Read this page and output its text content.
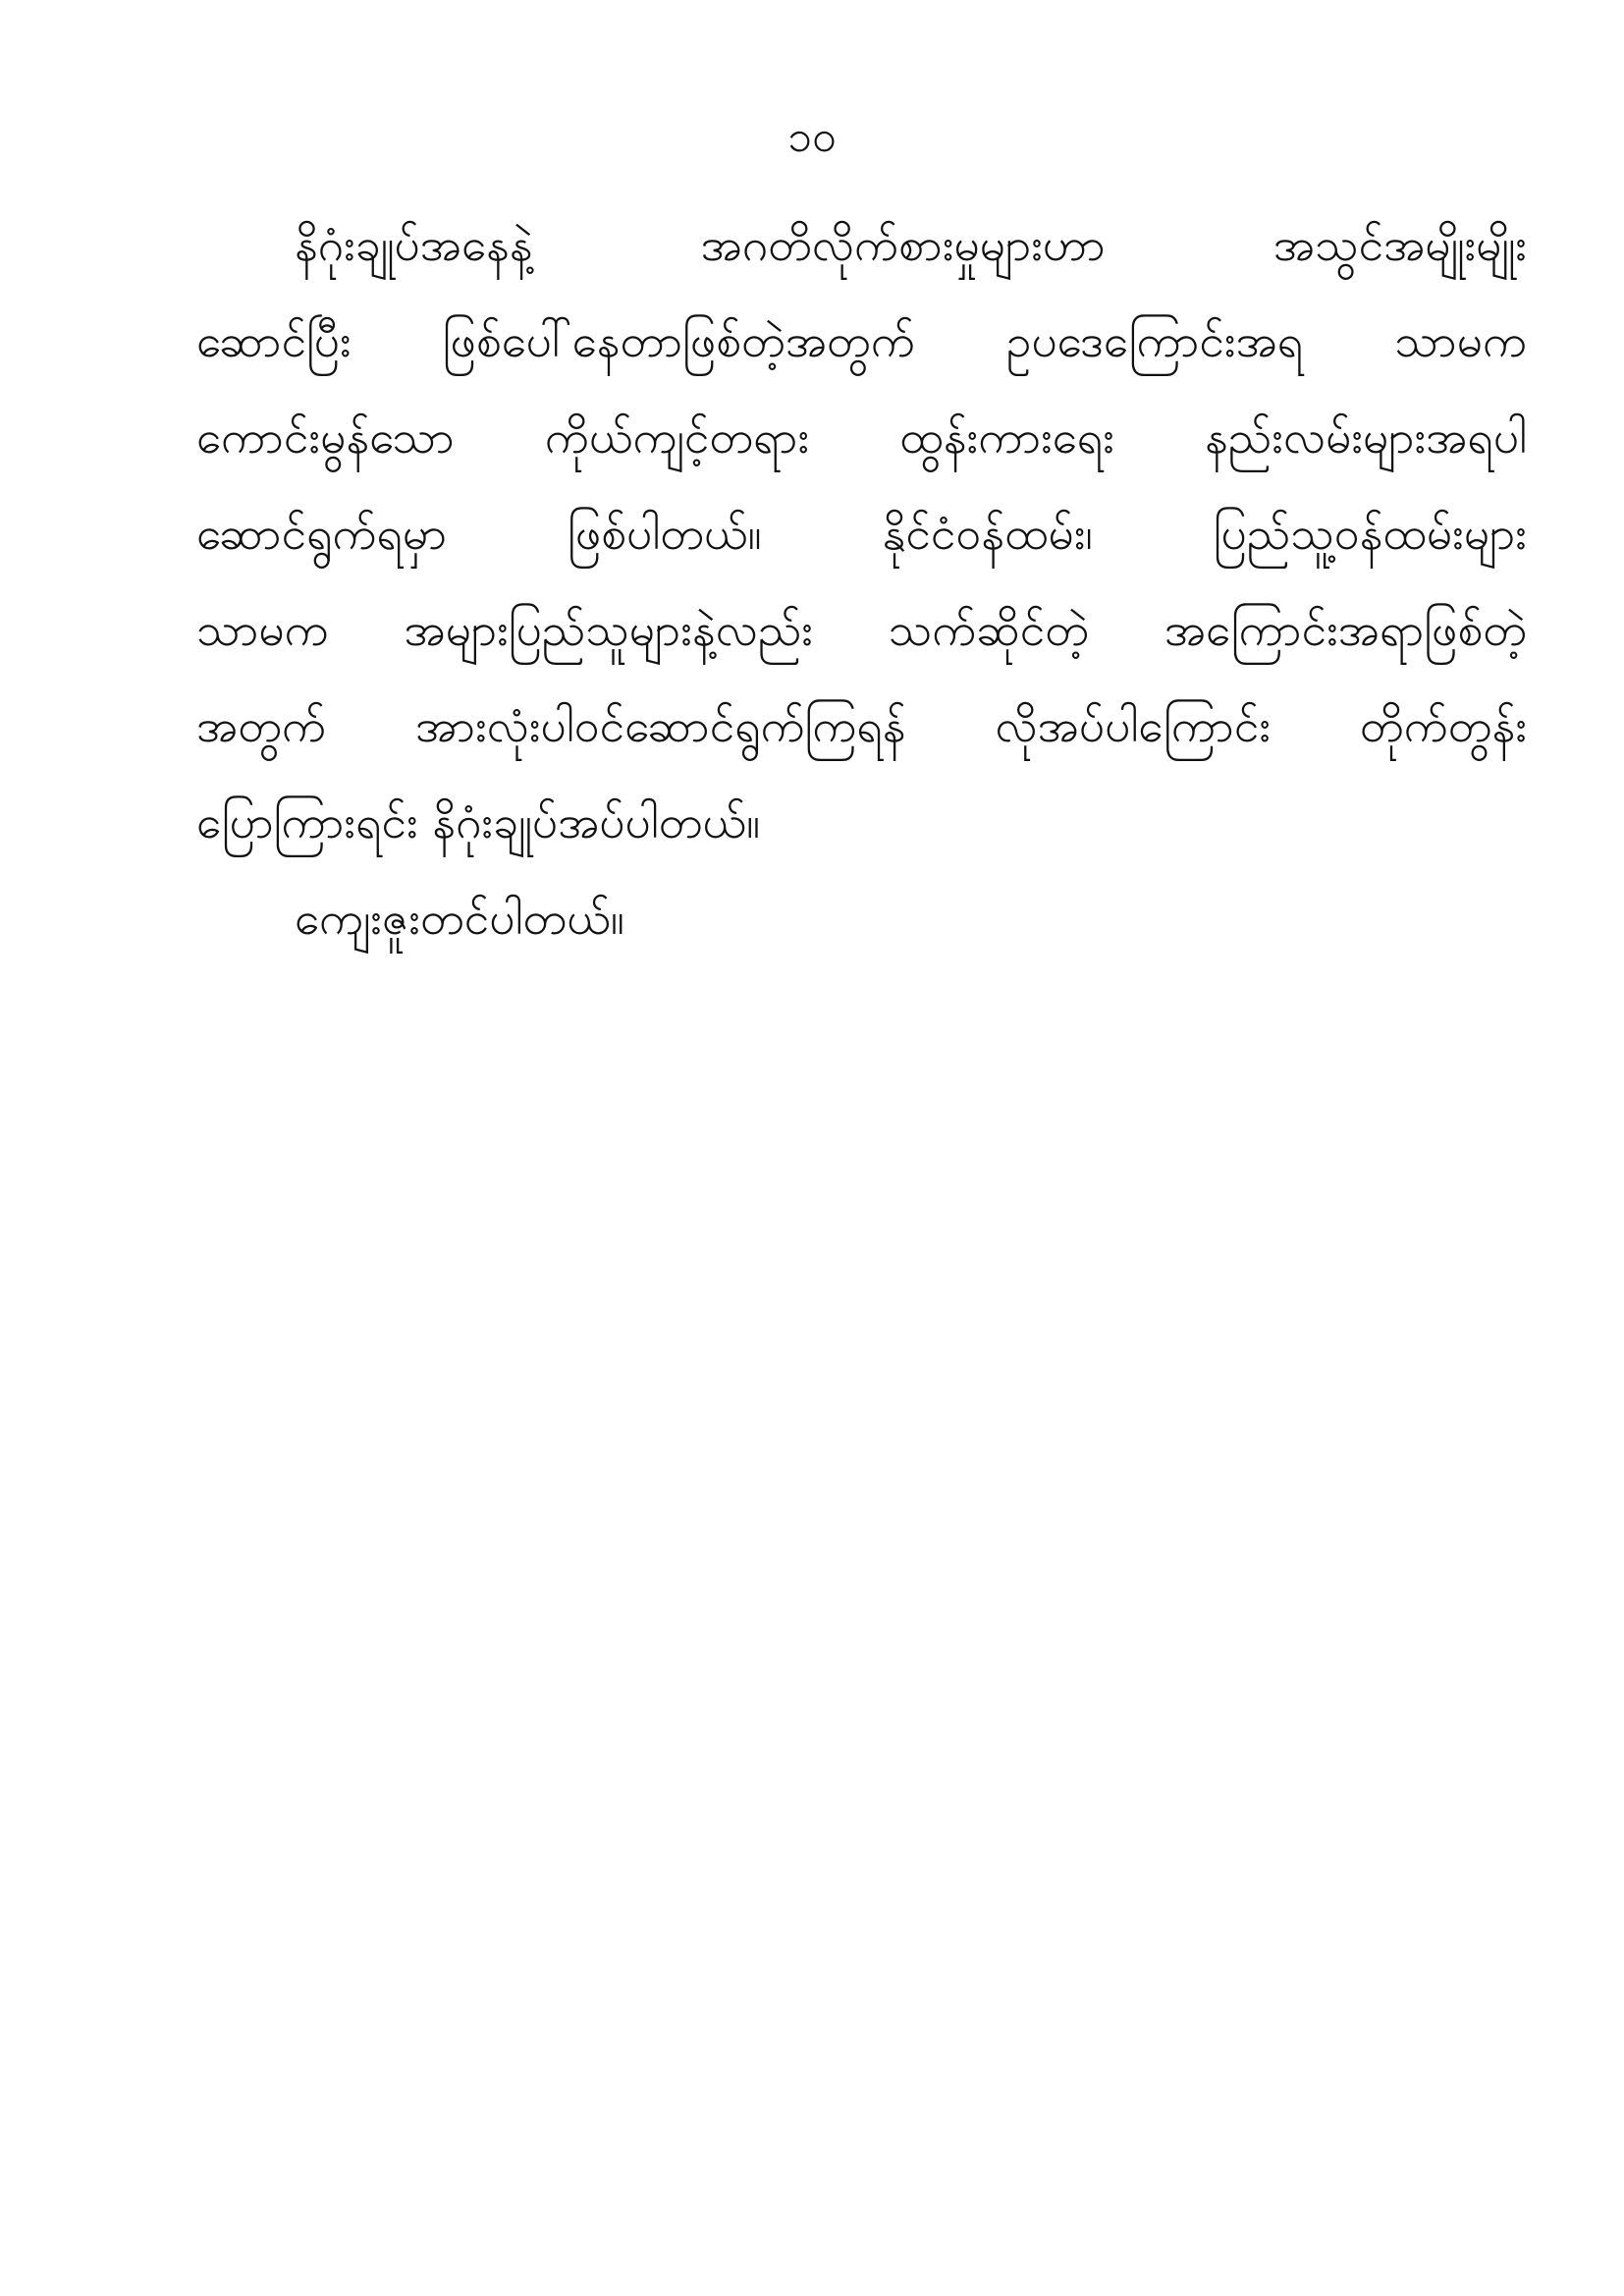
၁၀
နိဂုံးချုပ်အနေနဲ့ အဂတိလိုက်စားမှုများဟာ အသွင်အမျိုးမျိုး
ဆောင်ပြီး ဖြစ်ပေါ်နေတာဖြစ်တဲ့အတွက် ဥပဒေကြောင်းအရ သာမက
ကောင်းမွန်သော ကိုယ်ကျင့်တရား ထွန်းကားရေး နည်းလမ်းများအရပါ
ဆောင်ရွက်ရမှာ ဖြစ်ပါတယ်။ နိုင်ငံ၀န်ထမ်း၊ ပြည်သူ့၀န်ထမ်းများ
သာမက အများပြည်သူများနဲ့လည်း သက်ဆိုင်တဲ့ အကြောင်းအရာဖြစ်တဲ့
အတွက် အားလုံးပါ၀င်ဆောင်ရွက်ကြရန် လိုအပ်ပါကြောင်း တိုက်တွန်း
ပြောကြားရင်း နိဂုံးချုပ်အပ်ပါတယ်။
ကျေးဇူးတင်ပါတယ်။
